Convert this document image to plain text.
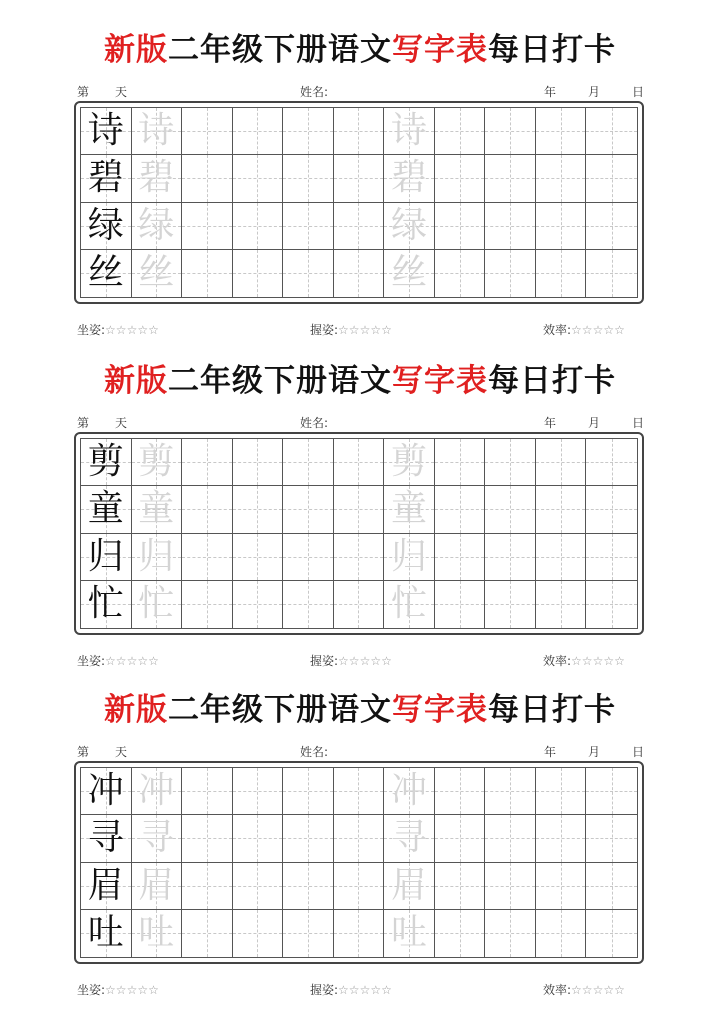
新版二年级下册语文写字表每日打卡
第 天	姓名:	年	月	日
诗 诗	诗
碧 碧	碧
绿 绿	绿
丝 丝	丝
坐姿:☆☆☆☆☆	握姿:☆☆☆☆☆	效率:☆☆☆☆☆
新版二年级下册语文写字表每日打卡
第 天	姓名:	年	月	日
剪 剪	剪
童 童	童
归 归	归
忙 忙	忙
坐姿:☆☆☆☆☆	握姿:☆☆☆☆☆	效率:☆☆☆☆☆
新版二年级下册语文写字表每日打卡
第 天	姓名:	年	月	日
冲 冲	冲
寻 寻	寻
眉 眉	眉
吐 吐	吐
坐姿:☆☆☆☆☆	握姿:☆☆☆☆☆	效率:☆☆☆☆☆
